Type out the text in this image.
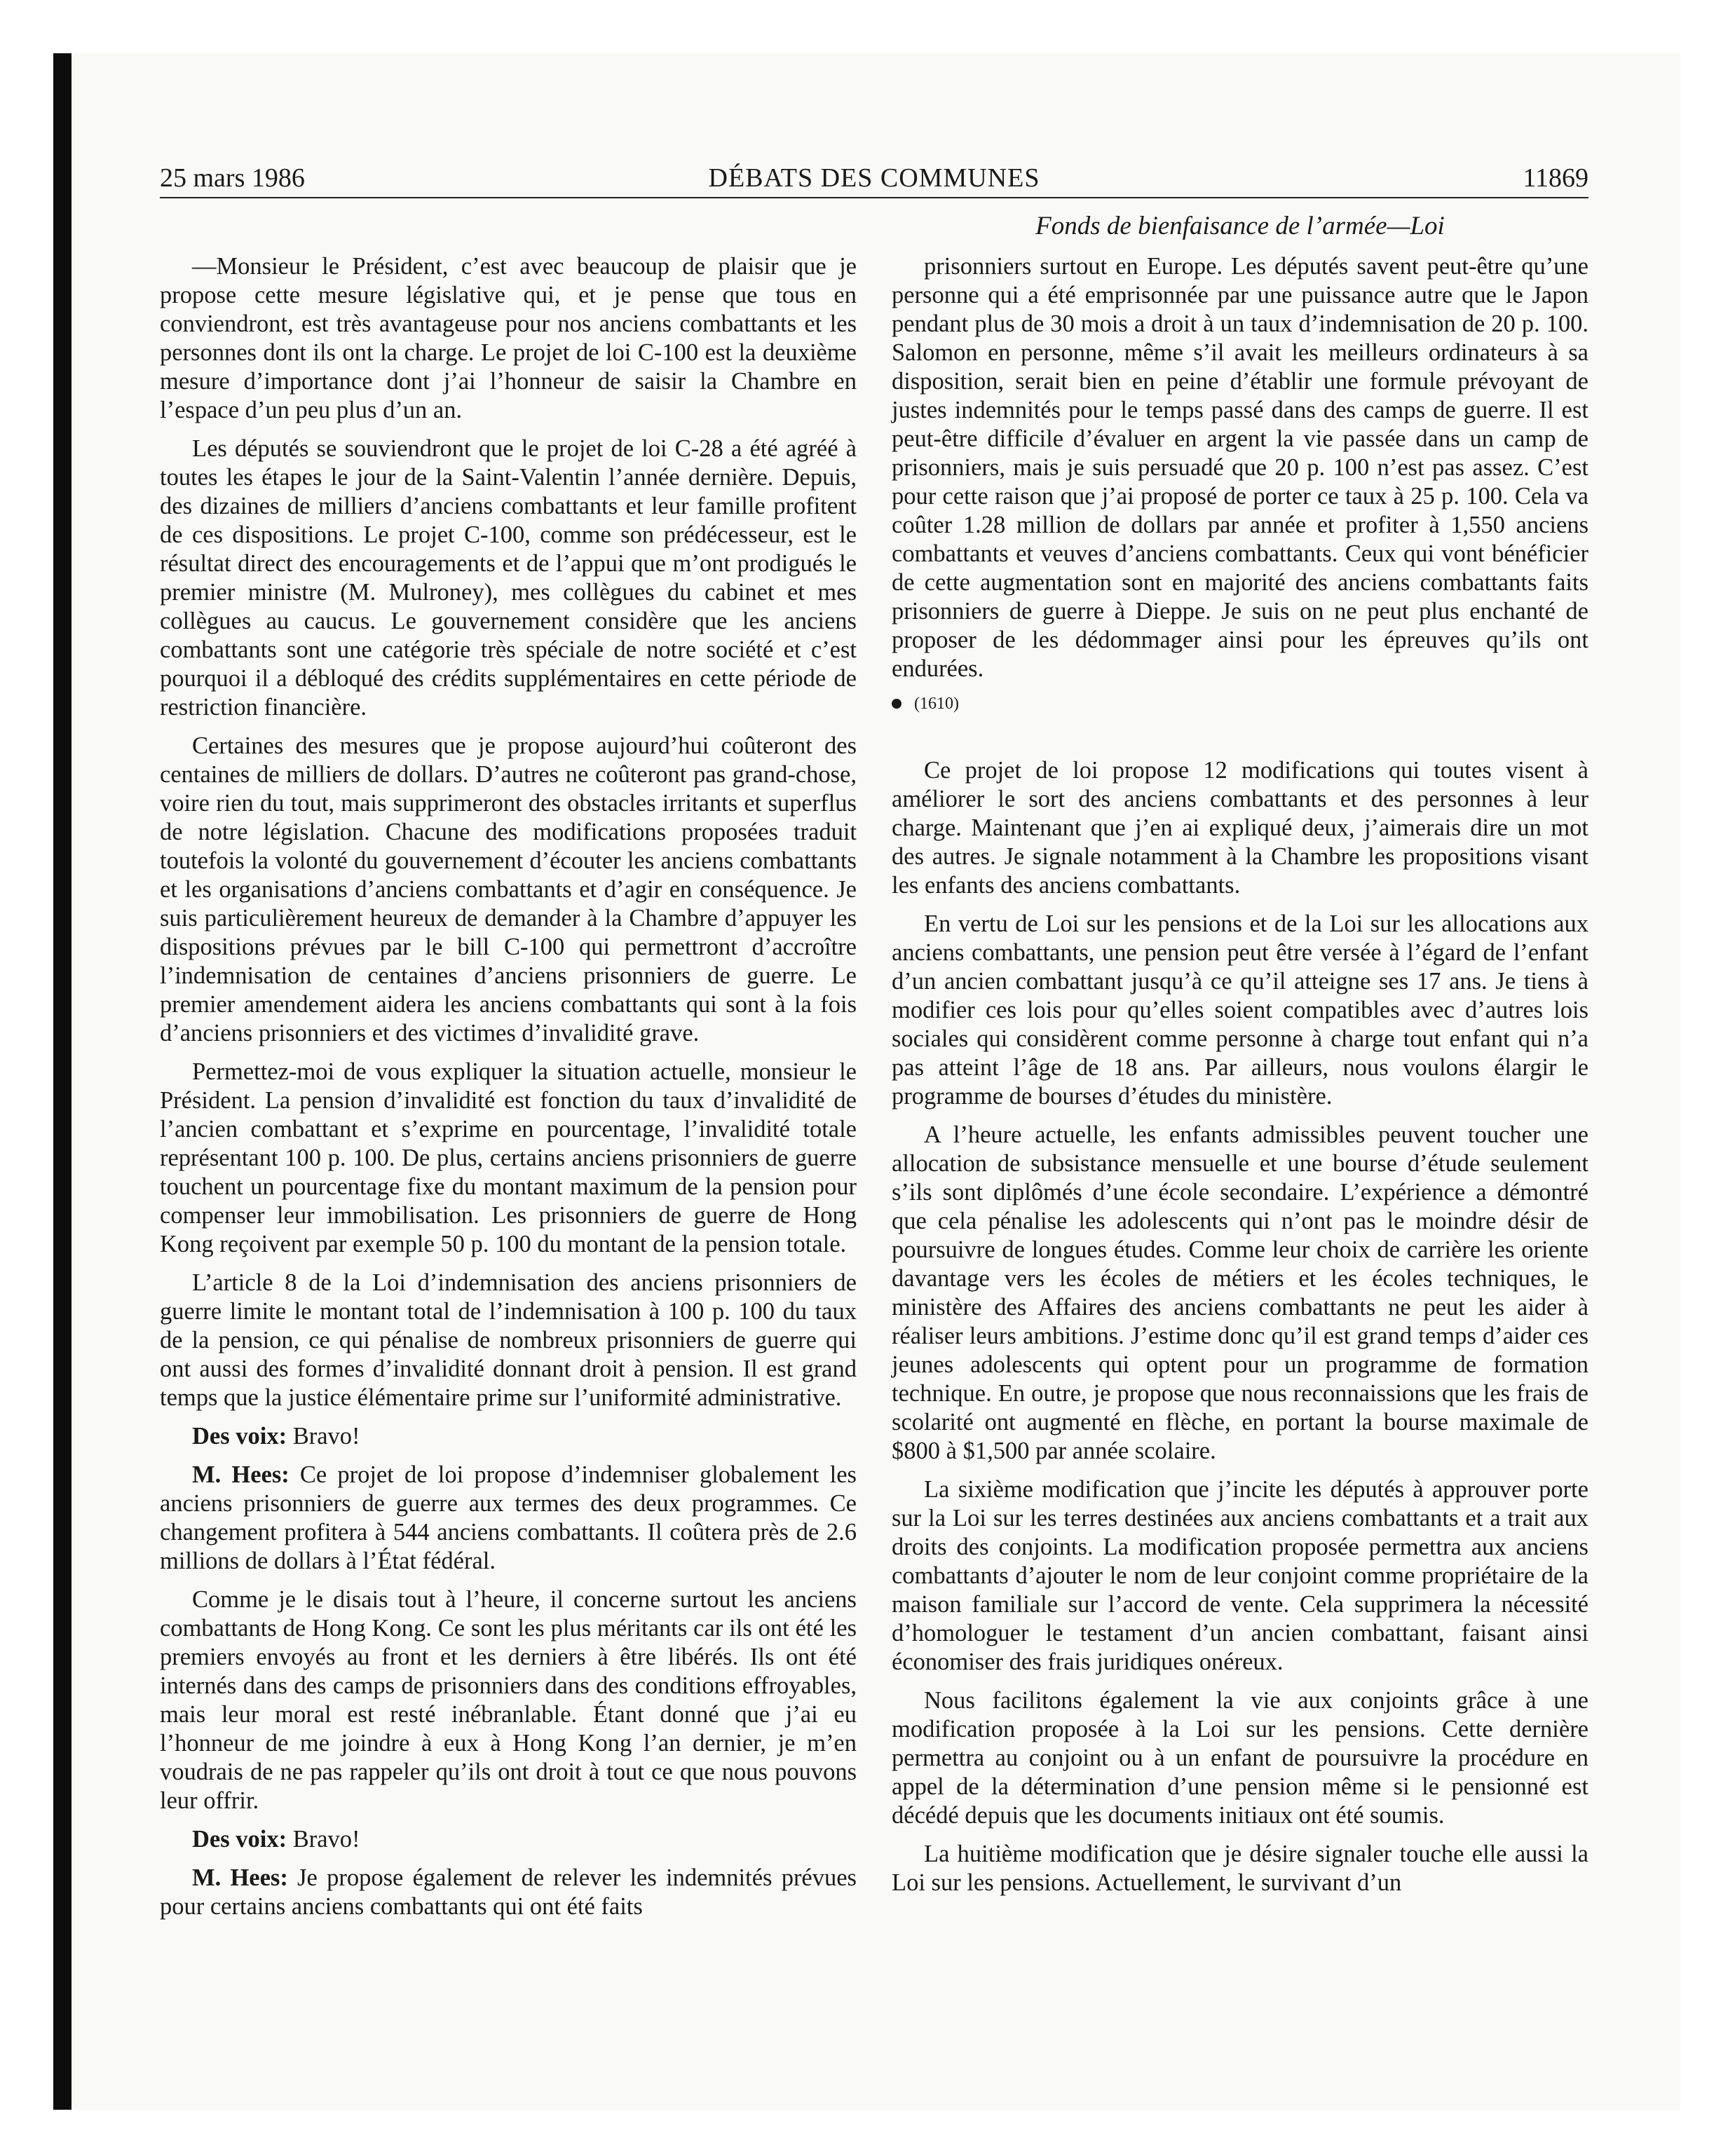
25 mars 1986	DÉBATS DES COMMUNES	11869
Fonds de bienfaisance de l’armée—Loi

—Monsieur le Président, c’est avec beaucoup de plaisir que je propose cette mesure législative qui, et je pense que tous en conviendront, est très avantageuse pour nos anciens combattants et les personnes dont ils ont la charge. Le projet de loi C-100 est la deuxième mesure d’importance dont j’ai l’honneur de saisir la Chambre en l’espace d’un peu plus d’un an.

Les députés se souviendront que le projet de loi C-28 a été agréé à toutes les étapes le jour de la Saint-Valentin l’année dernière. Depuis, des dizaines de milliers d’anciens combattants et leur famille profitent de ces dispositions. Le projet C-100, comme son prédécesseur, est le résultat direct des encouragements et de l’appui que m’ont prodigués le premier ministre (M. Mulroney), mes collègues du cabinet et mes collègues au caucus. Le gouvernement considère que les anciens combattants sont une catégorie très spéciale de notre société et c’est pourquoi il a débloqué des crédits supplémentaires en cette période de restriction financière.

Certaines des mesures que je propose aujourd’hui coûteront des centaines de milliers de dollars. D’autres ne coûteront pas grand-chose, voire rien du tout, mais supprimeront des obstacles irritants et superflus de notre législation. Chacune des modifications proposées traduit toutefois la volonté du gouvernement d’écouter les anciens combattants et les organisations d’anciens combattants et d’agir en conséquence. Je suis particulièrement heureux de demander à la Chambre d’appuyer les dispositions prévues par le bill C-100 qui permettront d’accroître l’indemnisation de centaines d’anciens prisonniers de guerre. Le premier amendement aidera les anciens combattants qui sont à la fois d’anciens prisonniers et des victimes d’invalidité grave.

Permettez-moi de vous expliquer la situation actuelle, monsieur le Président. La pension d’invalidité est fonction du taux d’invalidité de l’ancien combattant et s’exprime en pourcentage, l’invalidité totale représentant 100 p. 100. De plus, certains anciens prisonniers de guerre touchent un pourcentage fixe du montant maximum de la pension pour compenser leur immobilisation. Les prisonniers de guerre de Hong Kong reçoivent par exemple 50 p. 100 du montant de la pension totale.

L’article 8 de la Loi d’indemnisation des anciens prisonniers de guerre limite le montant total de l’indemnisation à 100 p. 100 du taux de la pension, ce qui pénalise de nombreux prisonniers de guerre qui ont aussi des formes d’invalidité donnant droit à pension. Il est grand temps que la justice élémentaire prime sur l’uniformité administrative.

Des voix: Bravo!

M. Hees: Ce projet de loi propose d’indemniser globalement les anciens prisonniers de guerre aux termes des deux programmes. Ce changement profitera à 544 anciens combattants. Il coûtera près de 2.6 millions de dollars à l’État fédéral.

Comme je le disais tout à l’heure, il concerne surtout les anciens combattants de Hong Kong. Ce sont les plus méritants car ils ont été les premiers envoyés au front et les derniers à être libérés. Ils ont été internés dans des camps de prisonniers dans des conditions effroyables, mais leur moral est resté inébranlable. Étant donné que j’ai eu l’honneur de me joindre à eux à Hong Kong l’an dernier, je m’en voudrais de ne pas rappeler qu’ils ont droit à tout ce que nous pouvons leur offrir.

Des voix: Bravo!

M. Hees: Je propose également de relever les indemnités prévues pour certains anciens combattants qui ont été faits

prisonniers surtout en Europe. Les députés savent peut-être qu’une personne qui a été emprisonnée par une puissance autre que le Japon pendant plus de 30 mois a droit à un taux d’indemnisation de 20 p. 100. Salomon en personne, même s’il avait les meilleurs ordinateurs à sa disposition, serait bien en peine d’établir une formule prévoyant de justes indemnités pour le temps passé dans des camps de guerre. Il est peut-être difficile d’évaluer en argent la vie passée dans un camp de prisonniers, mais je suis persuadé que 20 p. 100 n’est pas assez. C’est pour cette raison que j’ai proposé de porter ce taux à 25 p. 100. Cela va coûter 1.28 million de dollars par année et profiter à 1,550 anciens combattants et veuves d’anciens combattants. Ceux qui vont bénéficier de cette augmentation sont en majorité des anciens combattants faits prisonniers de guerre à Dieppe. Je suis on ne peut plus enchanté de proposer de les dédommager ainsi pour les épreuves qu’ils ont endurées.

(1610)

Ce projet de loi propose 12 modifications qui toutes visent à améliorer le sort des anciens combattants et des personnes à leur charge. Maintenant que j’en ai expliqué deux, j’aimerais dire un mot des autres. Je signale notamment à la Chambre les propositions visant les enfants des anciens combattants.

En vertu de Loi sur les pensions et de la Loi sur les allocations aux anciens combattants, une pension peut être versée à l’égard de l’enfant d’un ancien combattant jusqu’à ce qu’il atteigne ses 17 ans. Je tiens à modifier ces lois pour qu’elles soient compatibles avec d’autres lois sociales qui considèrent comme personne à charge tout enfant qui n’a pas atteint l’âge de 18 ans. Par ailleurs, nous voulons élargir le programme de bourses d’études du ministère.

A l’heure actuelle, les enfants admissibles peuvent toucher une allocation de subsistance mensuelle et une bourse d’étude seulement s’ils sont diplômés d’une école secondaire. L’expérience a démontré que cela pénalise les adolescents qui n’ont pas le moindre désir de poursuivre de longues études. Comme leur choix de carrière les oriente davantage vers les écoles de métiers et les écoles techniques, le ministère des Affaires des anciens combattants ne peut les aider à réaliser leurs ambitions. J’estime donc qu’il est grand temps d’aider ces jeunes adolescents qui optent pour un programme de formation technique. En outre, je propose que nous reconnaissions que les frais de scolarité ont augmenté en flèche, en portant la bourse maximale de $800 à $1,500 par année scolaire.

La sixième modification que j’incite les députés à approuver porte sur la Loi sur les terres destinées aux anciens combattants et a trait aux droits des conjoints. La modification proposée permettra aux anciens combattants d’ajouter le nom de leur conjoint comme propriétaire de la maison familiale sur l’accord de vente. Cela supprimera la nécessité d’homologuer le testament d’un ancien combattant, faisant ainsi économiser des frais juridiques onéreux.

Nous facilitons également la vie aux conjoints grâce à une modification proposée à la Loi sur les pensions. Cette dernière permettra au conjoint ou à un enfant de poursuivre la procédure en appel de la détermination d’une pension même si le pensionné est décédé depuis que les documents initiaux ont été soumis.

La huitième modification que je désire signaler touche elle aussi la Loi sur les pensions. Actuellement, le survivant d’un
